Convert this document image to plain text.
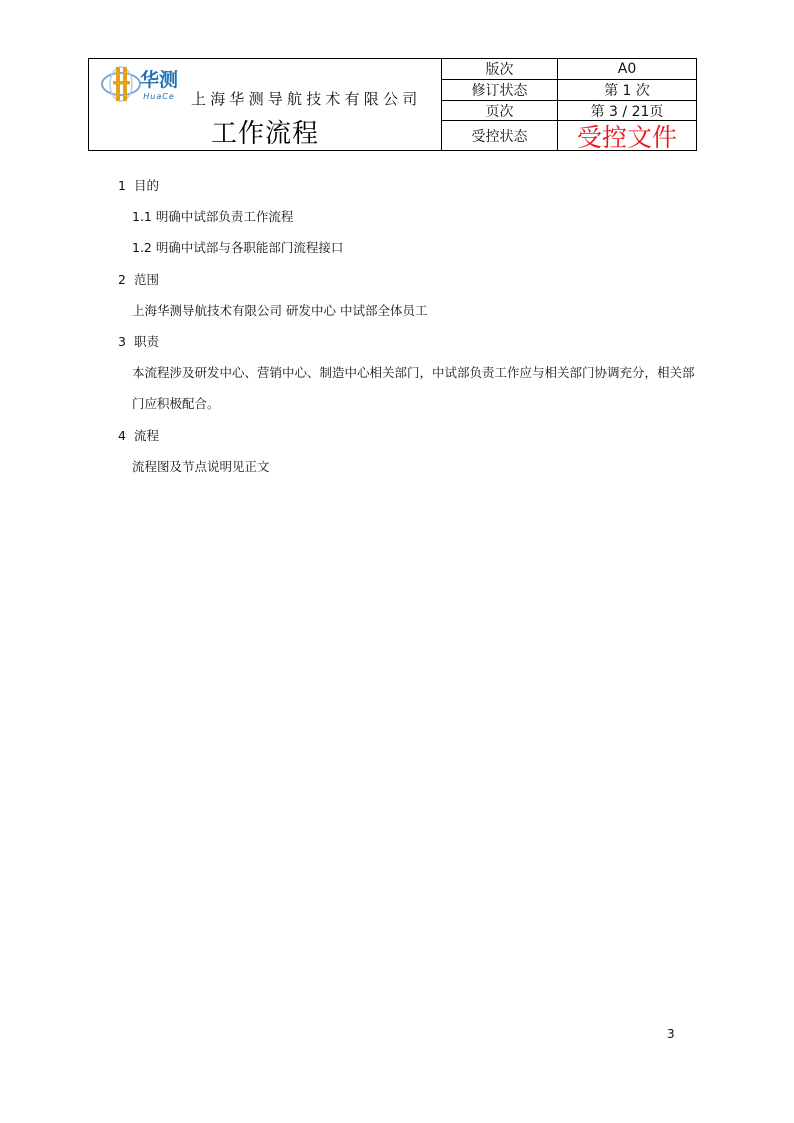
华测
HuaCe 上海华测导航技术有限公司
工作流程
版次	A0
修订状态	第 1 次
页次	第 3 / 21页
受控状态	受控文件
1 目的
1.1 明确中试部负责工作流程
1.2 明确中试部与各职能部门流程接口
2 范围
上海华测导航技术有限公司 研发中心 中试部全体员工
3 职责
本流程涉及研发中心、营销中心、制造中心相关部门，中试部负责工作应与相关部门协调充分，相关部
门应积极配合。
4 流程
流程图及节点说明见正文
3
